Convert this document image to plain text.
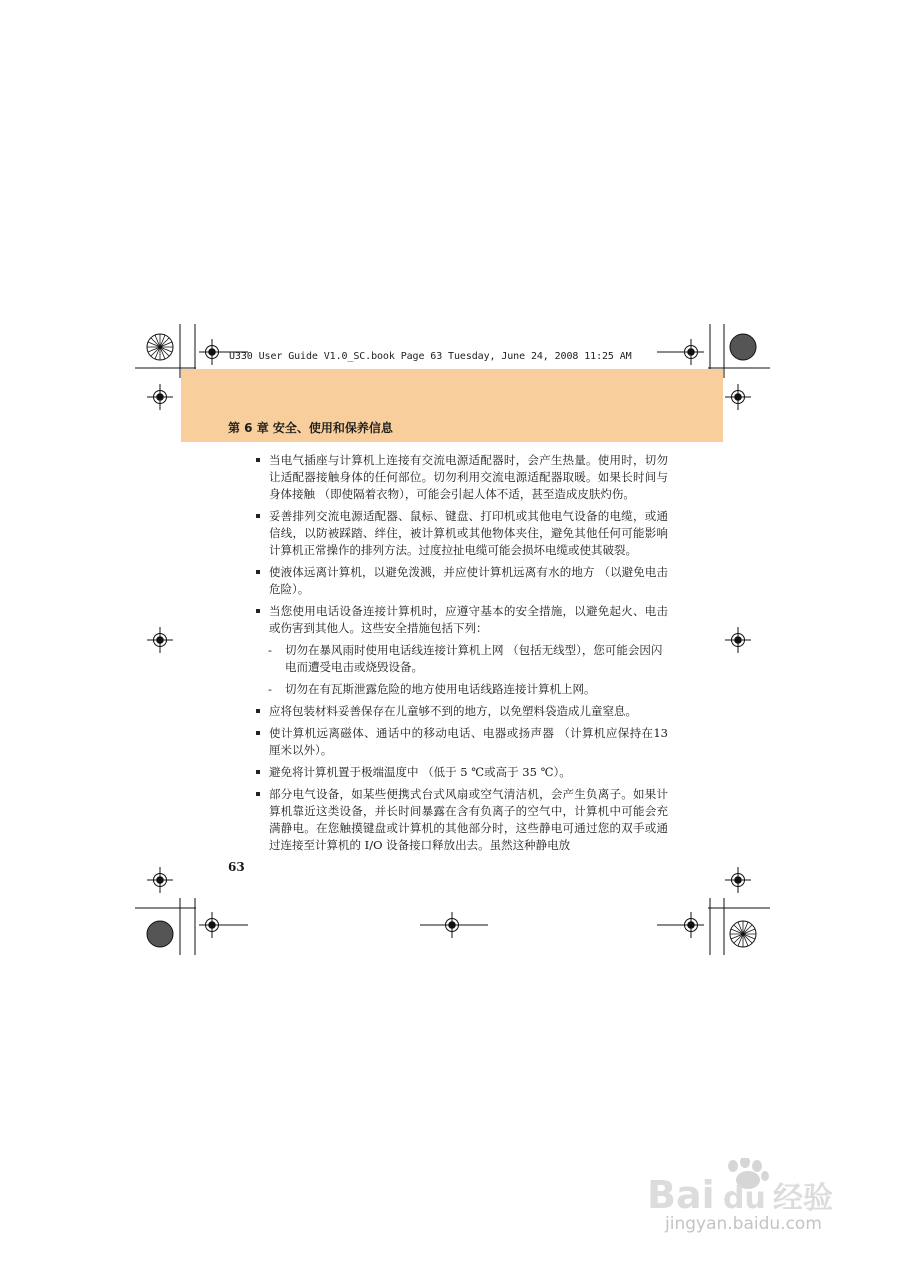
U330 User Guide V1.0_SC.book Page 63 Tuesday, June 24, 2008 11:25 AM
第 6 章 安全、使用和保养信息
当电气插座与计算机上连接有交流电源适配器时，会产生热量。使用时，切勿让适配器接触身体的任何部位。切勿利用交流电源适配器取暖。如果长时间与身体接触 （即使隔着衣物），可能会引起人体不适，甚至造成皮肤灼伤。
妥善排列交流电源适配器、鼠标、键盘、打印机或其他电气设备的电缆，或通信线，以防被踩踏、绊住，被计算机或其他物体夹住，避免其他任何可能影响计算机正常操作的排列方法。过度拉扯电缆可能会损坏电缆或使其破裂。
使液体远离计算机，以避免泼溅，并应使计算机远离有水的地方 （以避免电击危险）。
当您使用电话设备连接计算机时，应遵守基本的安全措施，以避免起火、电击或伤害到其他人。这些安全措施包括下列：
- 切勿在暴风雨时使用电话线连接计算机上网 （包括无线型），您可能会因闪电而遭受电击或烧毁设备。
- 切勿在有瓦斯泄露危险的地方使用电话线路连接计算机上网。
应将包装材料妥善保存在儿童够不到的地方，以免塑料袋造成儿童窒息。
使计算机远离磁体、通话中的移动电话、电器或扬声器 （计算机应保持在13 厘米以外）。
避免将计算机置于极端温度中 （低于 5 ℃或高于 35 ℃）。
部分电气设备，如某些便携式台式风扇或空气清洁机，会产生负离子。如果计算机靠近这类设备，并长时间暴露在含有负离子的空气中，计算机中可能会充满静电。在您触摸键盘或计算机的其他部分时，这些静电可通过您的双手或通过连接至计算机的 I/O 设备接口释放出去。虽然这种静电放
63
Bai du 经验
jingyan.baidu.com
